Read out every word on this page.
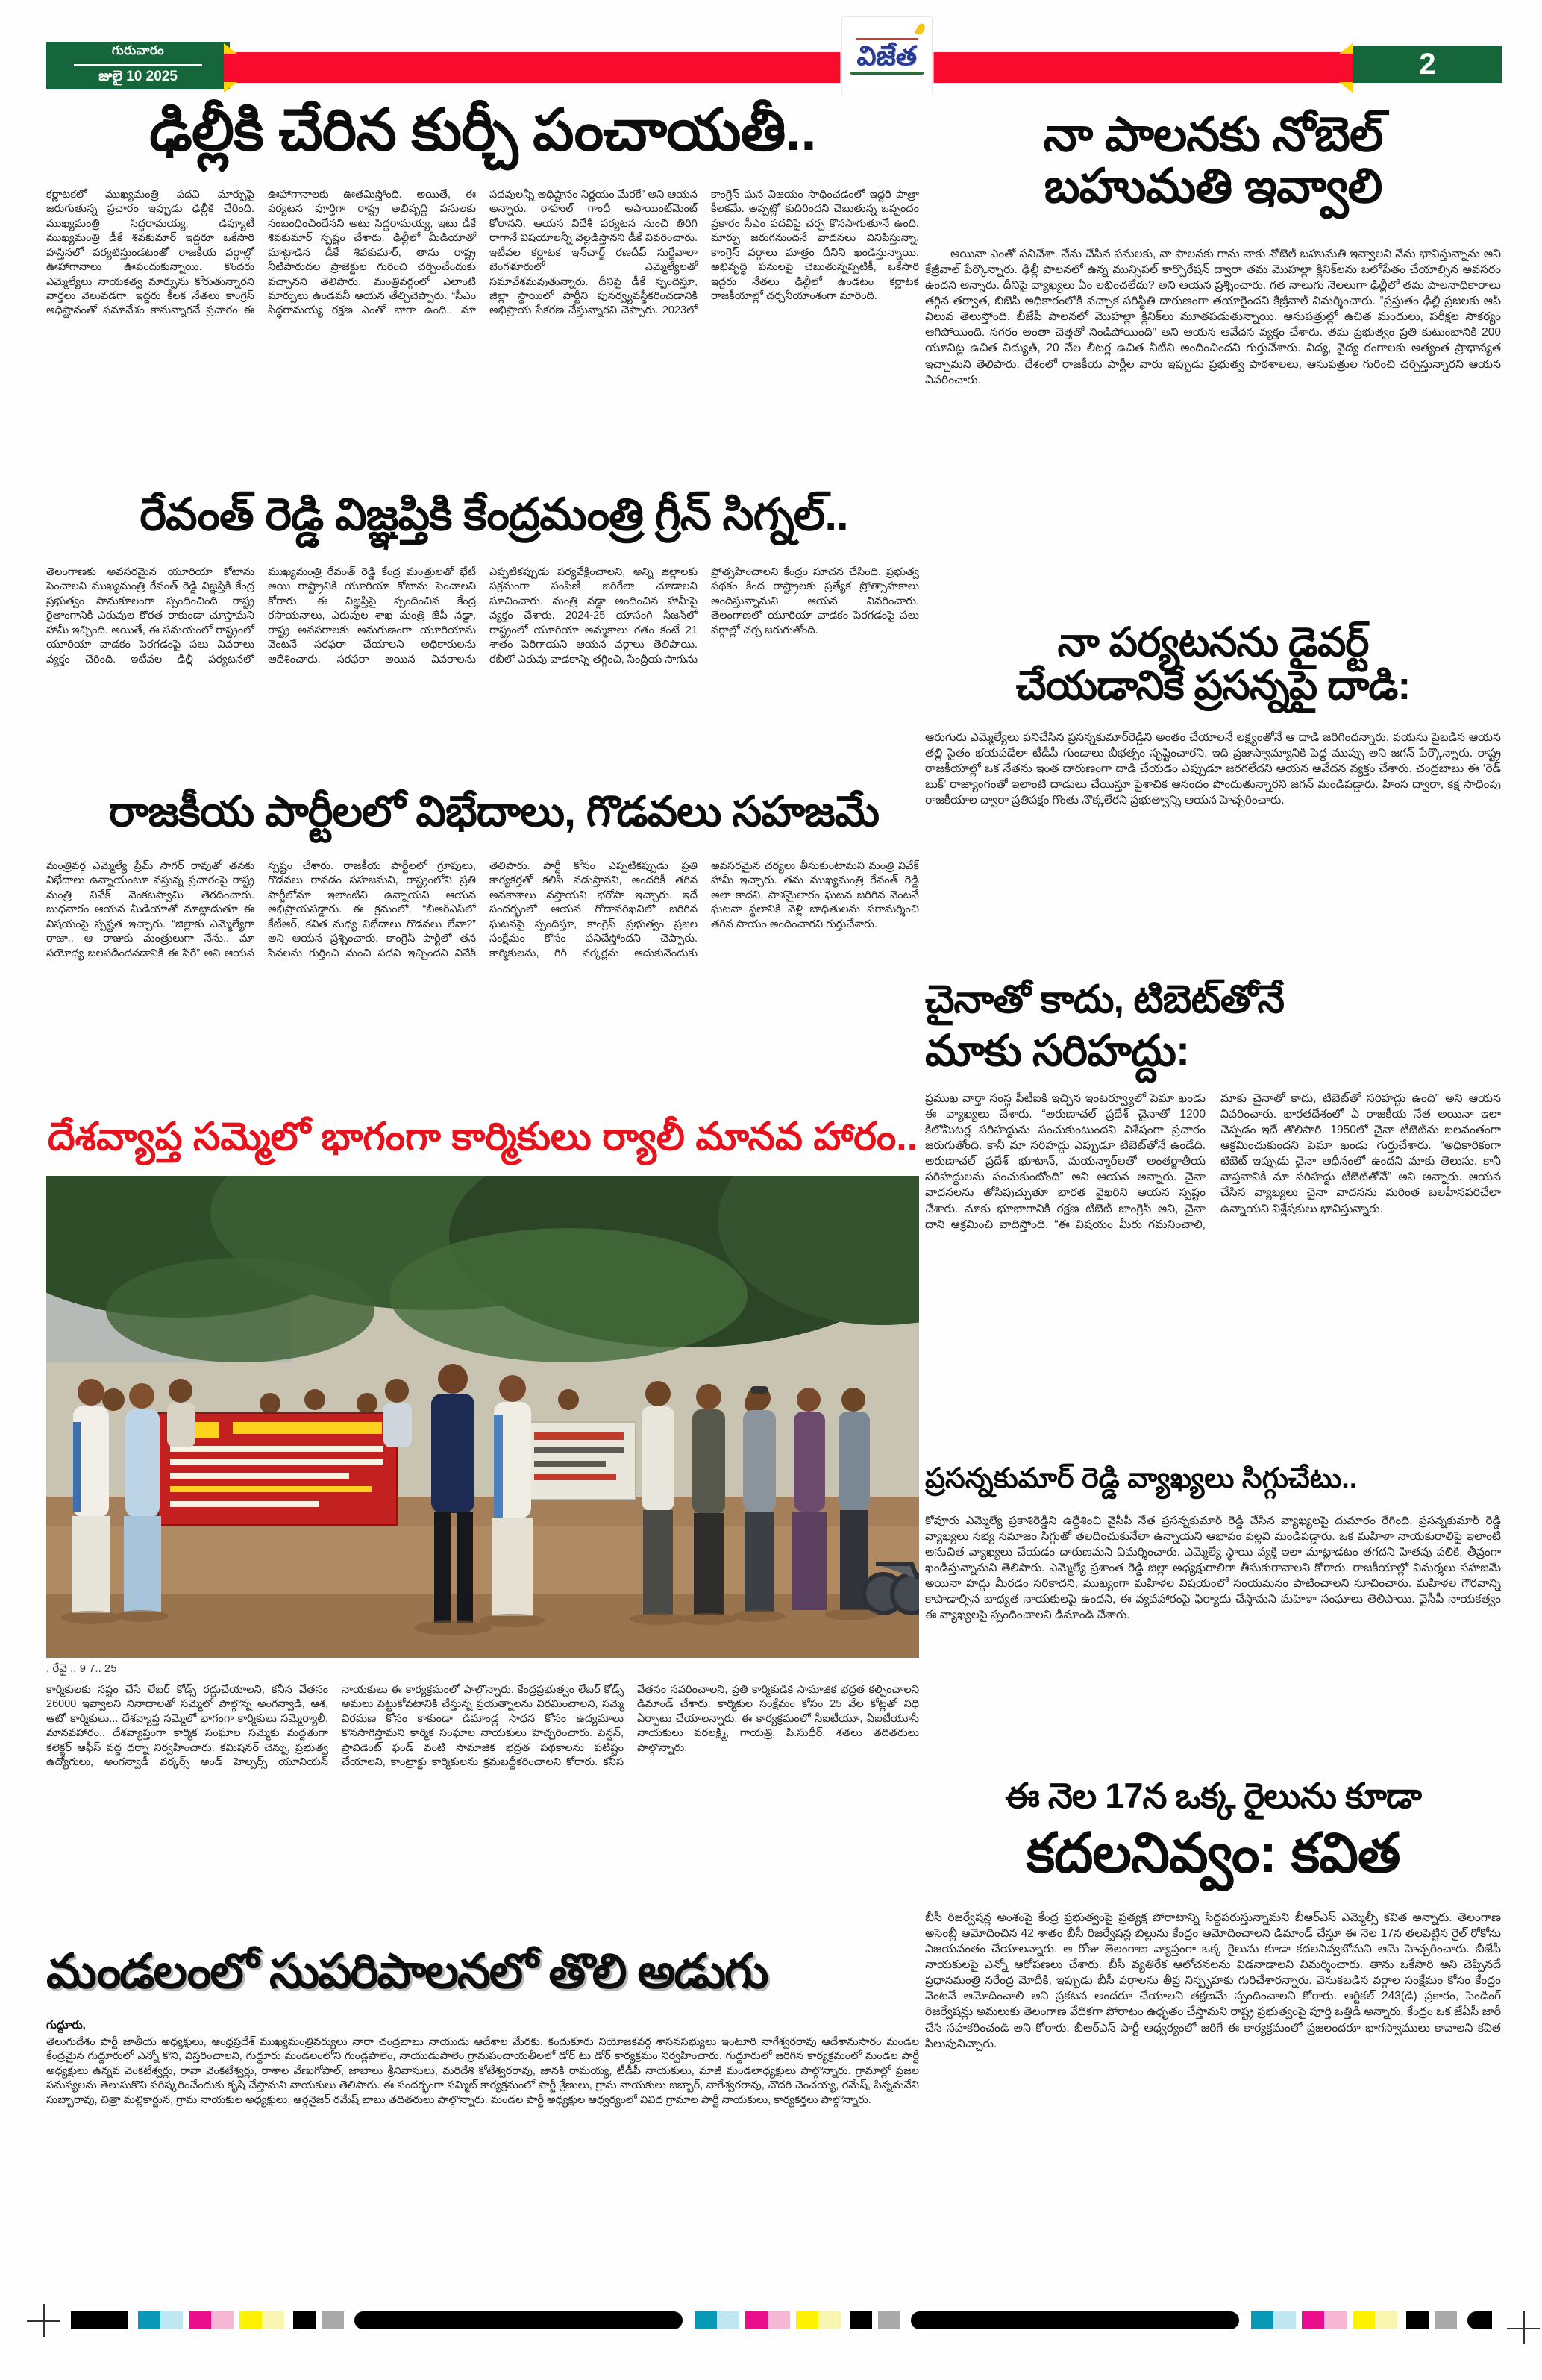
గురువారం
జులై 10 2025
విజేత	2
ఢిల్లీకి చేరిన కుర్చీ పంచాయతీ..
కర్ణాటకలో ముఖ్యమంత్రి పదవి మార్పుపై జరుగుతున్న ప్రచారం ఇప్పుడు ఢిల్లీకి చేరింది. ముఖ్యమంత్రి సిద్ధరామయ్య, డిప్యూటీ ముఖ్యమంత్రి డీకే శివకుమార్ ఇద్దరూ ఒకేసారి హస్తినలో పర్యటిస్తుండటంతో రాజకీయ వర్గాల్లో ఊహాగానాలు ఊపందుకున్నాయి. కొందరు ఎమ్మెల్యేలు నాయకత్వ మార్పును కోరుతున్నారని వార్తలు వెలువడగా, ఇద్దరు కీలక నేతలు కాంగ్రెస్ అధిష్టానంతో సమావేశం కానున్నారనే ప్రచారం ఈ ఊహాగానాలకు ఊతమిస్తోంది. అయితే, ఈ పర్యటన పూర్తిగా రాష్ట్ర అభివృద్ధి పనులకు సంబంధించిందేనని అటు సిద్ధరామయ్య, ఇటు డీకే శివకుమార్ స్పష్టం చేశారు. ఢిల్లీలో మీడియాతో మాట్లాడిన డీకే శివకుమార్, తాను రాష్ట్ర నీటిపారుదల ప్రాజెక్టుల గురించి చర్చించేందుకు వచ్చానని తెలిపారు. మంత్రివర్గంలో ఎలాంటి మార్పులు ఉండవనీ ఆయన తేల్చిచెప్పారు. “సీఎం సిద్ధరామయ్య రక్షణ ఎంతో బాగా ఉంది.. మా పదవులన్నీ అధిష్టానం నిర్ణయం మేరకే” అని ఆయన అన్నారు. రాహుల్ గాంధీ అపాయింట్‌మెంట్ కోరానని, ఆయన విదేశీ పర్యటన నుంచి తిరిగి రాగానే విషయాలన్నీ వెల్లడిస్తానని డీకే వివరించారు. ఇటీవల కర్ణాటక ఇన్‌చార్జ్ రణదీప్ సుర్జేవాలా బెంగళూరులో ఎమ్మెల్యేలతో సమావేశమవుతున్నారు. దీనిపై డీకే స్పందిస్తూ, జిల్లా స్థాయిలో పార్టీని పునర్వ్యవస్థీకరించడానికి అభిప్రాయ సేకరణ చేస్తున్నారని చెప్పారు. 2023లో కాంగ్రెస్ ఘన విజయం సాధించడంలో ఇద్దరి పాత్రా కీలకమే. అప్పట్లో కుదిరిందని చెబుతున్న ఒప్పందం ప్రకారం సీఎం పదవిపై చర్చ కొనసాగుతూనే ఉంది. మార్పు జరుగనుందనే వాదనలు వినిపిస్తున్నా, కాంగ్రెస్ వర్గాలు మాత్రం దీనిని ఖండిస్తున్నాయి. అభివృద్ధి పనులపై చెబుతున్నప్పటికీ, ఒకేసారి ఇద్దరు నేతలు ఢిల్లీలో ఉండటం కర్ణాటక రాజకీయాల్లో చర్చనీయాంశంగా మారింది.
రేవంత్ రెడ్డి విజ్ఞప్తికి కేంద్రమంత్రి గ్రీన్ సిగ్నల్..
తెలంగాణకు అవసరమైన యూరియా కోటాను పెంచాలని ముఖ్యమంత్రి రేవంత్ రెడ్డి విజ్ఞప్తికి కేంద్ర ప్రభుత్వం సానుకూలంగా స్పందించింది. రాష్ట్ర రైతాంగానికి ఎరువుల కొరత రాకుండా చూస్తామని హామీ ఇచ్చింది. అయితే, ఈ సమయంలో రాష్ట్రంలో యూరియా వాడకం పెరగడంపై పలు వివరాలు వ్యక్తం చేరింది. ఇటీవల ఢిల్లీ పర్యటనలో ముఖ్యమంత్రి రేవంత్ రెడ్డి కేంద్ర మంత్రులతో భేటీ అయి రాష్ట్రానికి యూరియా కోటాను పెంచాలని కోరారు. ఈ విజ్ఞప్తిపై స్పందించిన కేంద్ర రసాయనాలు, ఎరువుల శాఖ మంత్రి జేపీ నడ్డా, రాష్ట్ర అవసరాలకు అనుగుణంగా యూరియాను వెంటనే సరఫరా చేయాలని అధికారులను ఆదేశించారు. సరఫరా అయిన వివరాలను ఎప్పటికప్పుడు పర్యవేక్షించాలని, అన్ని జిల్లాలకు సక్రమంగా పంపిణీ జరిగేలా చూడాలని సూచించారు. మంత్రి నడ్డా అందించిన హామీపై వ్యక్తం చేశారు. 2024-25 యాసంగి సీజన్‌లో రాష్ట్రంలో యూరియా అమ్మకాలు గతం కంటే 21 శాతం పెరిగాయని ఆయన వర్గాలు తెలిపాయి. రబీలో ఎరువు వాడకాన్ని తగ్గించి, సేంద్రీయ సాగును ప్రోత్సహించాలని కేంద్రం సూచన చేసింది. ప్రభుత్వ పథకం కింద రాష్ట్రాలకు ప్రత్యేక ప్రోత్సాహకాలు అందిస్తున్నామని ఆయన వివరించారు. తెలంగాణలో యూరియా వాడకం పెరగడంపై పలు వర్గాల్లో చర్చ జరుగుతోంది.
రాజకీయ పార్టీలలో విభేదాలు, గొడవలు సహజమే
మంత్రివర్గ ఎమ్మెల్యే ప్రేమ్ సాగర్ రావుతో తనకు విభేదాలు ఉన్నాయంటూ వస్తున్న ప్రచారంపై రాష్ట్ర మంత్రి వివేక్ వెంకటస్వామి తెరదించారు. బుధవారం ఆయన మీడియాతో మాట్లాడుతూ ఈ విషయంపై స్పష్టత ఇచ్చారు. “జిల్లాకు ఎమ్మెల్యేగా రాజా.. ఆ రాజుకు మంత్రులుగా నేను.. మా సయోధ్య బలపడిందనడానికి ఈ పేరే” అని ఆయన స్పష్టం చేశారు. రాజకీయ పార్టీలలో గ్రూపులు, గొడవలు రావడం సహజమని, రాష్ట్రంలోని ప్రతి పార్టీలోనూ ఇలాంటివి ఉన్నాయని ఆయన అభిప్రాయపడ్డారు. ఈ క్రమంలో, “బీఆర్ఎస్‌లో కేటీఆర్, కవిత మధ్య విభేదాలు గొడవలు లేవా?” అని ఆయన ప్రశ్నించారు. కాంగ్రెస్ పార్టీలో తన సేవలను గుర్తించి మంచి పదవి ఇచ్చిందని వివేక్ తెలిపారు. పార్టీ కోసం ఎప్పటికప్పుడు ప్రతి కార్యకర్తతో కలిసి నడుస్తానని, అందరికీ తగిన అవకాశాలు వస్తాయని భరోసా ఇచ్చారు. ఇదే సందర్భంలో ఆయన గోదావరిఖనిలో జరిగిన ఘటనపై స్పందిస్తూ, కాంగ్రెస్ ప్రభుత్వం ప్రజల సంక్షేమం కోసం పనిచేస్తోందని చెప్పారు. కార్మికులను, గిగ్ వర్కర్లను ఆదుకునేందుకు అవసరమైన చర్యలు తీసుకుంటామని మంత్రి వివేక్ హామీ ఇచ్చారు. తమ ముఖ్యమంత్రి రేవంత్ రెడ్డి అలా కాదని, పాశమైలారం ఘటన జరిగిన వెంటనే ఘటనా స్థలానికి వెళ్లి బాధితులను పరామర్శించి తగిన సాయం అందించారని గుర్తుచేశారు.
దేశవ్యాప్త సమ్మెలో భాగంగా కార్మికులు ర్యాలీ మానవ హారం..
. రేవై .. 9 7.. 25
కార్మికులకు నష్టం చేసే లేబర్ కోడ్స్ రద్దుచేయాలని, కనీస వేతనం 26000 ఇవ్వాలని నినాదాలతో సమ్మెలో పాల్గొన్న అంగన్వాడి, ఆశ, ఆటో కార్మికులు... దేశవ్యాప్త సమ్మెలో భాగంగా కార్మికులు సమ్మెర్యాలీ, మానవహారం.. దేశవ్యాప్తంగా కార్మిక సంఘాల సమ్మెకు మద్దతుగా కలెక్టర్ ఆఫీస్ వద్ద ధర్నా నిర్వహించారు. కమిషనర్ చెన్ను, ప్రభుత్వ ఉద్యోగులు, అంగన్వాడీ వర్కర్స్ అండ్ హెల్పర్స్ యూనియన్ నాయకులు ఈ కార్యక్రమంలో పాల్గొన్నారు. కేంద్రప్రభుత్వం లేబర్ కోడ్స్ అమలు పెట్టుకోవటానికి చేస్తున్న ప్రయత్నాలను విరమించాలని, సమ్మె విరమణ కోసం కాకుండా డిమాండ్ల సాధన కోసం ఉద్యమాలు కొనసాగిస్తామని కార్మిక సంఘాల నాయకులు హెచ్చరించారు. పెన్షన్, ప్రావిడెంట్ ఫండ్ వంటి సామాజిక భద్రత పథకాలను పటిష్టం చేయాలని, కాంట్రాక్టు కార్మికులను క్రమబద్ధీకరించాలని కోరారు. కనీస వేతనం సవరించాలని, ప్రతి కార్మికుడికి సామాజిక భద్రత కల్పించాలని డిమాండ్ చేశారు. కార్మికుల సంక్షేమం కోసం 25 వేల కోట్లతో నిధి ఏర్పాటు చేయాలన్నారు. ఈ కార్యక్రమంలో సీఐటీయూ, ఏఐటీయూసీ నాయకులు వరలక్ష్మి, గాయత్రి, పి.సుధీర్, శతలు తదితరులు పాల్గొన్నారు.
మండలంలో సుపరిపాలనలో తొలి అడుగు
గుద్దూరు,
తెలుగుదేశం పార్టీ జాతీయ అధ్యక్షులు, ఆంధ్రప్రదేశ్ ముఖ్యమంత్రివర్యులు నారా చంద్రబాబు నాయుడు ఆదేశాల మేరకు. కందుకూరు నియోజకవర్గ శాసనసభ్యులు ఇంటూరి నాగేశ్వరరావు ఆదేశానుసారం మండల కేంద్రమైన గుద్దూరులో ఎన్నో కొని, విస్తరించాలని, గుద్దూరు మండలంలోని గుండ్లపాలెం, నాయుడుపాలెం గ్రామపంచాయతీలలో డోర్ టు డోర్ కార్యక్రమం నిర్వహించారు. గుద్దూరులో జరిగిన కార్యక్రమంలో మండల పార్టీ అధ్యక్షులు ఉన్నవ వెంకటేశ్వర్లు, రావా వెంకటేశ్వర్లు, రాశాల వేణుగోపాల్, జాబాలు శ్రీనివాసులు, మరిదేశి కోటేశ్వరరావు, జానకి రామయ్య, టీడీపీ నాయకులు, మాజీ మండలాధ్యక్షులు పాల్గొన్నారు. గ్రామాల్లో ప్రజల సమస్యలను తెలుసుకొని పరిష్కరించేందుకు కృషి చేస్తామని నాయకులు తెలిపారు. ఈ సందర్భంగా సమ్మిట్ కార్యక్రమంలో పార్టీ శ్రేణులు, గ్రామ నాయకులు జబ్బార్, నాగేశ్వరరావు, చౌదరి చెంచయ్య, రమేష్, పిన్నమనేని సుబ్బారావు, చిత్రా మల్లికార్జున, గ్రామ నాయకుల అధ్యక్షులు, ఆర్గనైజర్ రమేష్ బాబు తదితరులు పాల్గొన్నారు. మండల పార్టీ అధ్యక్షుల ఆధ్వర్యంలో వివిధ గ్రామాల పార్టీ నాయకులు, కార్యకర్తలు పాల్గొన్నారు.
నా పాలనకు నోబెల్
బహుమతి ఇవ్వాలి
అయినా ఎంతో పనిచేశా. నేను చేసిన పనులకు, నా పాలనకు గాను నాకు నోబెల్ బహుమతి ఇవ్వాలని నేను భావిస్తున్నాను అని కేజ్రీవాల్ పేర్కొన్నారు. ఢిల్లీ పాలనలో ఉన్న మున్సిపల్ కార్పొరేషన్ ద్వారా తమ మొహల్లా క్లినిక్‌లను బలోపేతం చేయాల్సిన అవసరం ఉందని అన్నారు. దీనిపై వ్యాఖ్యలు ఏం లభించలేదు? అని ఆయన ప్రశ్నించారు. గత నాలుగు నెలలుగా ఢిల్లీలో తమ పాలనాధికారాలు తగ్గిన తర్వాత, బిజెపి అధికారంలోకి వచ్చాక పరిస్థితి దారుణంగా తయారైందని కేజ్రీవాల్ విమర్శించారు. “ప్రస్తుతం ఢిల్లీ ప్రజలకు ఆప్ విలువ తెలుస్తోంది. బీజేపీ పాలనలో మొహల్లా క్లినిక్‌లు మూతపడుతున్నాయి. ఆసుపత్రుల్లో ఉచిత మందులు, పరీక్షల సౌకర్యం ఆగిపోయింది. నగరం అంతా చెత్తతో నిండిపోయింది” అని ఆయన ఆవేదన వ్యక్తం చేశారు. తమ ప్రభుత్వం ప్రతి కుటుంబానికి 200 యూనిట్ల ఉచిత విద్యుత్, 20 వేల లీటర్ల ఉచిత నీటిని అందించిందని గుర్తుచేశారు. విద్య, వైద్య రంగాలకు అత్యంత ప్రాధాన్యత ఇచ్చామని తెలిపారు. దేశంలో రాజకీయ పార్టీల వారు ఇప్పుడు ప్రభుత్వ పాఠశాలలు, ఆసుపత్రుల గురించి చర్చిస్తున్నారని ఆయన వివరించారు.
నా పర్యటనను డైవర్ట్
చేయడానికే ప్రసన్నపై దాడి:
ఆరుగురు ఎమ్మెల్యేలు పనిచేసిన ప్రసన్నకుమార్‌రెడ్డిని అంతం చేయాలనే లక్ష్యంతోనే ఆ దాడి జరిగిందన్నారు. వయసు పైబడిన ఆయన తల్లి సైతం భయపడేలా టీడీపీ గుండాలు బీభత్సం సృష్టించారని, ఇది ప్రజాస్వామ్యానికి పెద్ద ముప్పు అని జగన్ పేర్కొన్నారు. రాష్ట్ర రాజకీయాల్లో ఒక నేతను ఇంత దారుణంగా దాడి చేయడం ఎప్పుడూ జరగలేదని ఆయన ఆవేదన వ్యక్తం చేశారు. చంద్రబాబు ఈ ‘రెడ్ బుక్’ రాజ్యాంగంతో ఇలాంటి దాడులు చేయిస్తూ పైశాచిక ఆనందం పొందుతున్నారని జగన్ మండిపడ్డారు. హింస ద్వారా, కక్ష సాధింపు రాజకీయాల ద్వారా ప్రతిపక్షం గొంతు నొక్కలేరని ప్రభుత్వాన్ని ఆయన హెచ్చరించారు.
చైనాతో కాదు, టిబెట్‌తోనే
మాకు సరిహద్దు:
ప్రముఖ వార్తా సంస్థ పీటీఐకి ఇచ్చిన ఇంటర్వ్యూలో పెమా ఖండు ఈ వ్యాఖ్యలు చేశారు. “అరుణాచల్ ప్రదేశ్ చైనాతో 1200 కిలోమీటర్ల సరిహద్దును పంచుకుంటుందని విశేషంగా ప్రచారం జరుగుతోంది. కానీ మా సరిహద్దు ఎప్పుడూ టిబెట్‌తోనే ఉండేది. అరుణాచల్ ప్రదేశ్ భూటాన్, మయన్మార్‌లతో అంతర్జాతీయ సరిహద్దులను పంచుకుంటోంది” అని ఆయన అన్నారు. చైనా వాదనలను తోసిపుచ్చుతూ భారత వైఖరిని ఆయన స్పష్టం చేశారు. మాకు భూభాగానికి రక్షణ టిబెట్ జాంగ్రెస్ అని, చైనా దాని ఆక్రమించి వాదిస్తోంది. “ఈ విషయం మీరు గమనించాలి, మాకు చైనాతో కాదు, టిబెట్‌తో సరిహద్దు ఉంది” అని ఆయన వివరించారు. భారతదేశంలో ఏ రాజకీయ నేత అయినా ఇలా చెప్పడం ఇదే తొలిసారి. 1950లో చైనా టిబెట్‌ను బలవంతంగా ఆక్రమించుకుందని పెమా ఖండు గుర్తుచేశారు. “అధికారికంగా టిబెట్ ఇప్పుడు చైనా ఆధీనంలో ఉందని మాకు తెలుసు. కానీ వాస్తవానికి మా సరిహద్దు టిబెట్‌తోనే” అని అన్నారు. ఆయన చేసిన వ్యాఖ్యలు చైనా వాదనను మరింత బలహీనపరిచేలా ఉన్నాయని విశ్లేషకులు భావిస్తున్నారు.
ప్రసన్నకుమార్ రెడ్డి వ్యాఖ్యలు సిగ్గుచేటు..
కోవూరు ఎమ్మెల్యే ప్రకాశిరెడ్డిని ఉద్దేశించి వైసీపీ నేత ప్రసన్నకుమార్ రెడ్డి చేసిన వ్యాఖ్యలపై దుమారం రేగింది. ప్రసన్నకుమార్ రెడ్డి వ్యాఖ్యలు సభ్య సమాజం సిగ్గుతో తలదించుకునేలా ఉన్నాయని ఆభావం పల్లవి మండిపడ్డారు. ఒక మహిళా నాయకురాలిపై ఇలాంటి అనుచిత వ్యాఖ్యలు చేయడం దారుణమని విమర్శించారు. ఎమ్మెల్యే స్థాయి వ్యక్తి ఇలా మాట్లాడటం తగదని హితవు పలికి, తీవ్రంగా ఖండిస్తున్నామని తెలిపారు. ఎమ్మెల్యే ప్రశాంత రెడ్డి జిల్లా అధ్యక్షురాలిగా తీసుకురావాలని కోరారు. రాజకీయాల్లో విమర్శలు సహజమే అయినా హద్దు మీరడం సరికాదని, ముఖ్యంగా మహిళల విషయంలో సంయమనం పాటించాలని సూచించారు. మహిళల గౌరవాన్ని కాపాడాల్సిన బాధ్యత నాయకులపై ఉందని, ఈ వ్యవహారంపై ఫిర్యాదు చేస్తామని మహిళా సంఘాలు తెలిపాయి. వైసీపీ నాయకత్వం ఈ వ్యాఖ్యలపై స్పందించాలని డిమాండ్ చేశారు.
ఈ నెల 17న ఒక్క రైలును కూడా
కదలనివ్వం: కవిత
బీసీ రిజర్వేషన్ల అంశంపై కేంద్ర ప్రభుత్వంపై ప్రత్యక్ష పోరాటాన్ని సిద్ధపరుస్తున్నామని బీఆర్ఎస్ ఎమ్మెల్సీ కవిత అన్నారు. తెలంగాణ అసెంబ్లీ ఆమోదించిన 42 శాతం బీసీ రిజర్వేషన్ల బిల్లును కేంద్రం ఆమోదించాలని డిమాండ్ చేస్తూ ఈ నెల 17న తలపెట్టిన రైల్ రోకోను విజయవంతం చేయాలన్నారు. ఆ రోజు తెలంగాణ వ్యాప్తంగా ఒక్క రైలును కూడా కదలనివ్వబోమని ఆమె హెచ్చరించారు. బీజేపీ నాయకులపై ఎన్నో ఆరోపణలు చేశారు. బీసీ వ్యతిరేక ఆలోచనలను విడనాడాలని విమర్శించారు. తాను ఒకేసారి అని చెప్పినదే ప్రధానమంత్రి నరేంద్ర మోదీకి, ఇప్పుడు బీసీ వర్గాలను తీవ్ర నిస్పృహకు గురిచేశారన్నారు. వెనుకబడిన వర్గాల సంక్షేమం కోసం కేంద్రం వెంటనే ఆమోదించాలి అని ప్రకటన అందరూ చేయాలని తక్షణమే స్పందించాలని కోరారు. ఆర్టికల్ 243(డి) ప్రకారం, పెండింగ్ రిజర్వేషన్లు అమలుకు తెలంగాణ వేదికగా పోరాటం ఉధృతం చేస్తామని రాష్ట్ర ప్రభుత్వంపై పూర్తి ఒత్తిడి అన్నారు. కేంద్రం ఒక జేఏసీ జారీ చేసి సహకరించండి అని కోరారు. బీఆర్ఎస్ పార్టీ ఆధ్వర్యంలో జరిగే ఈ కార్యక్రమంలో ప్రజలందరూ భాగస్వాములు కావాలని కవిత పిలుపునిచ్చారు.
